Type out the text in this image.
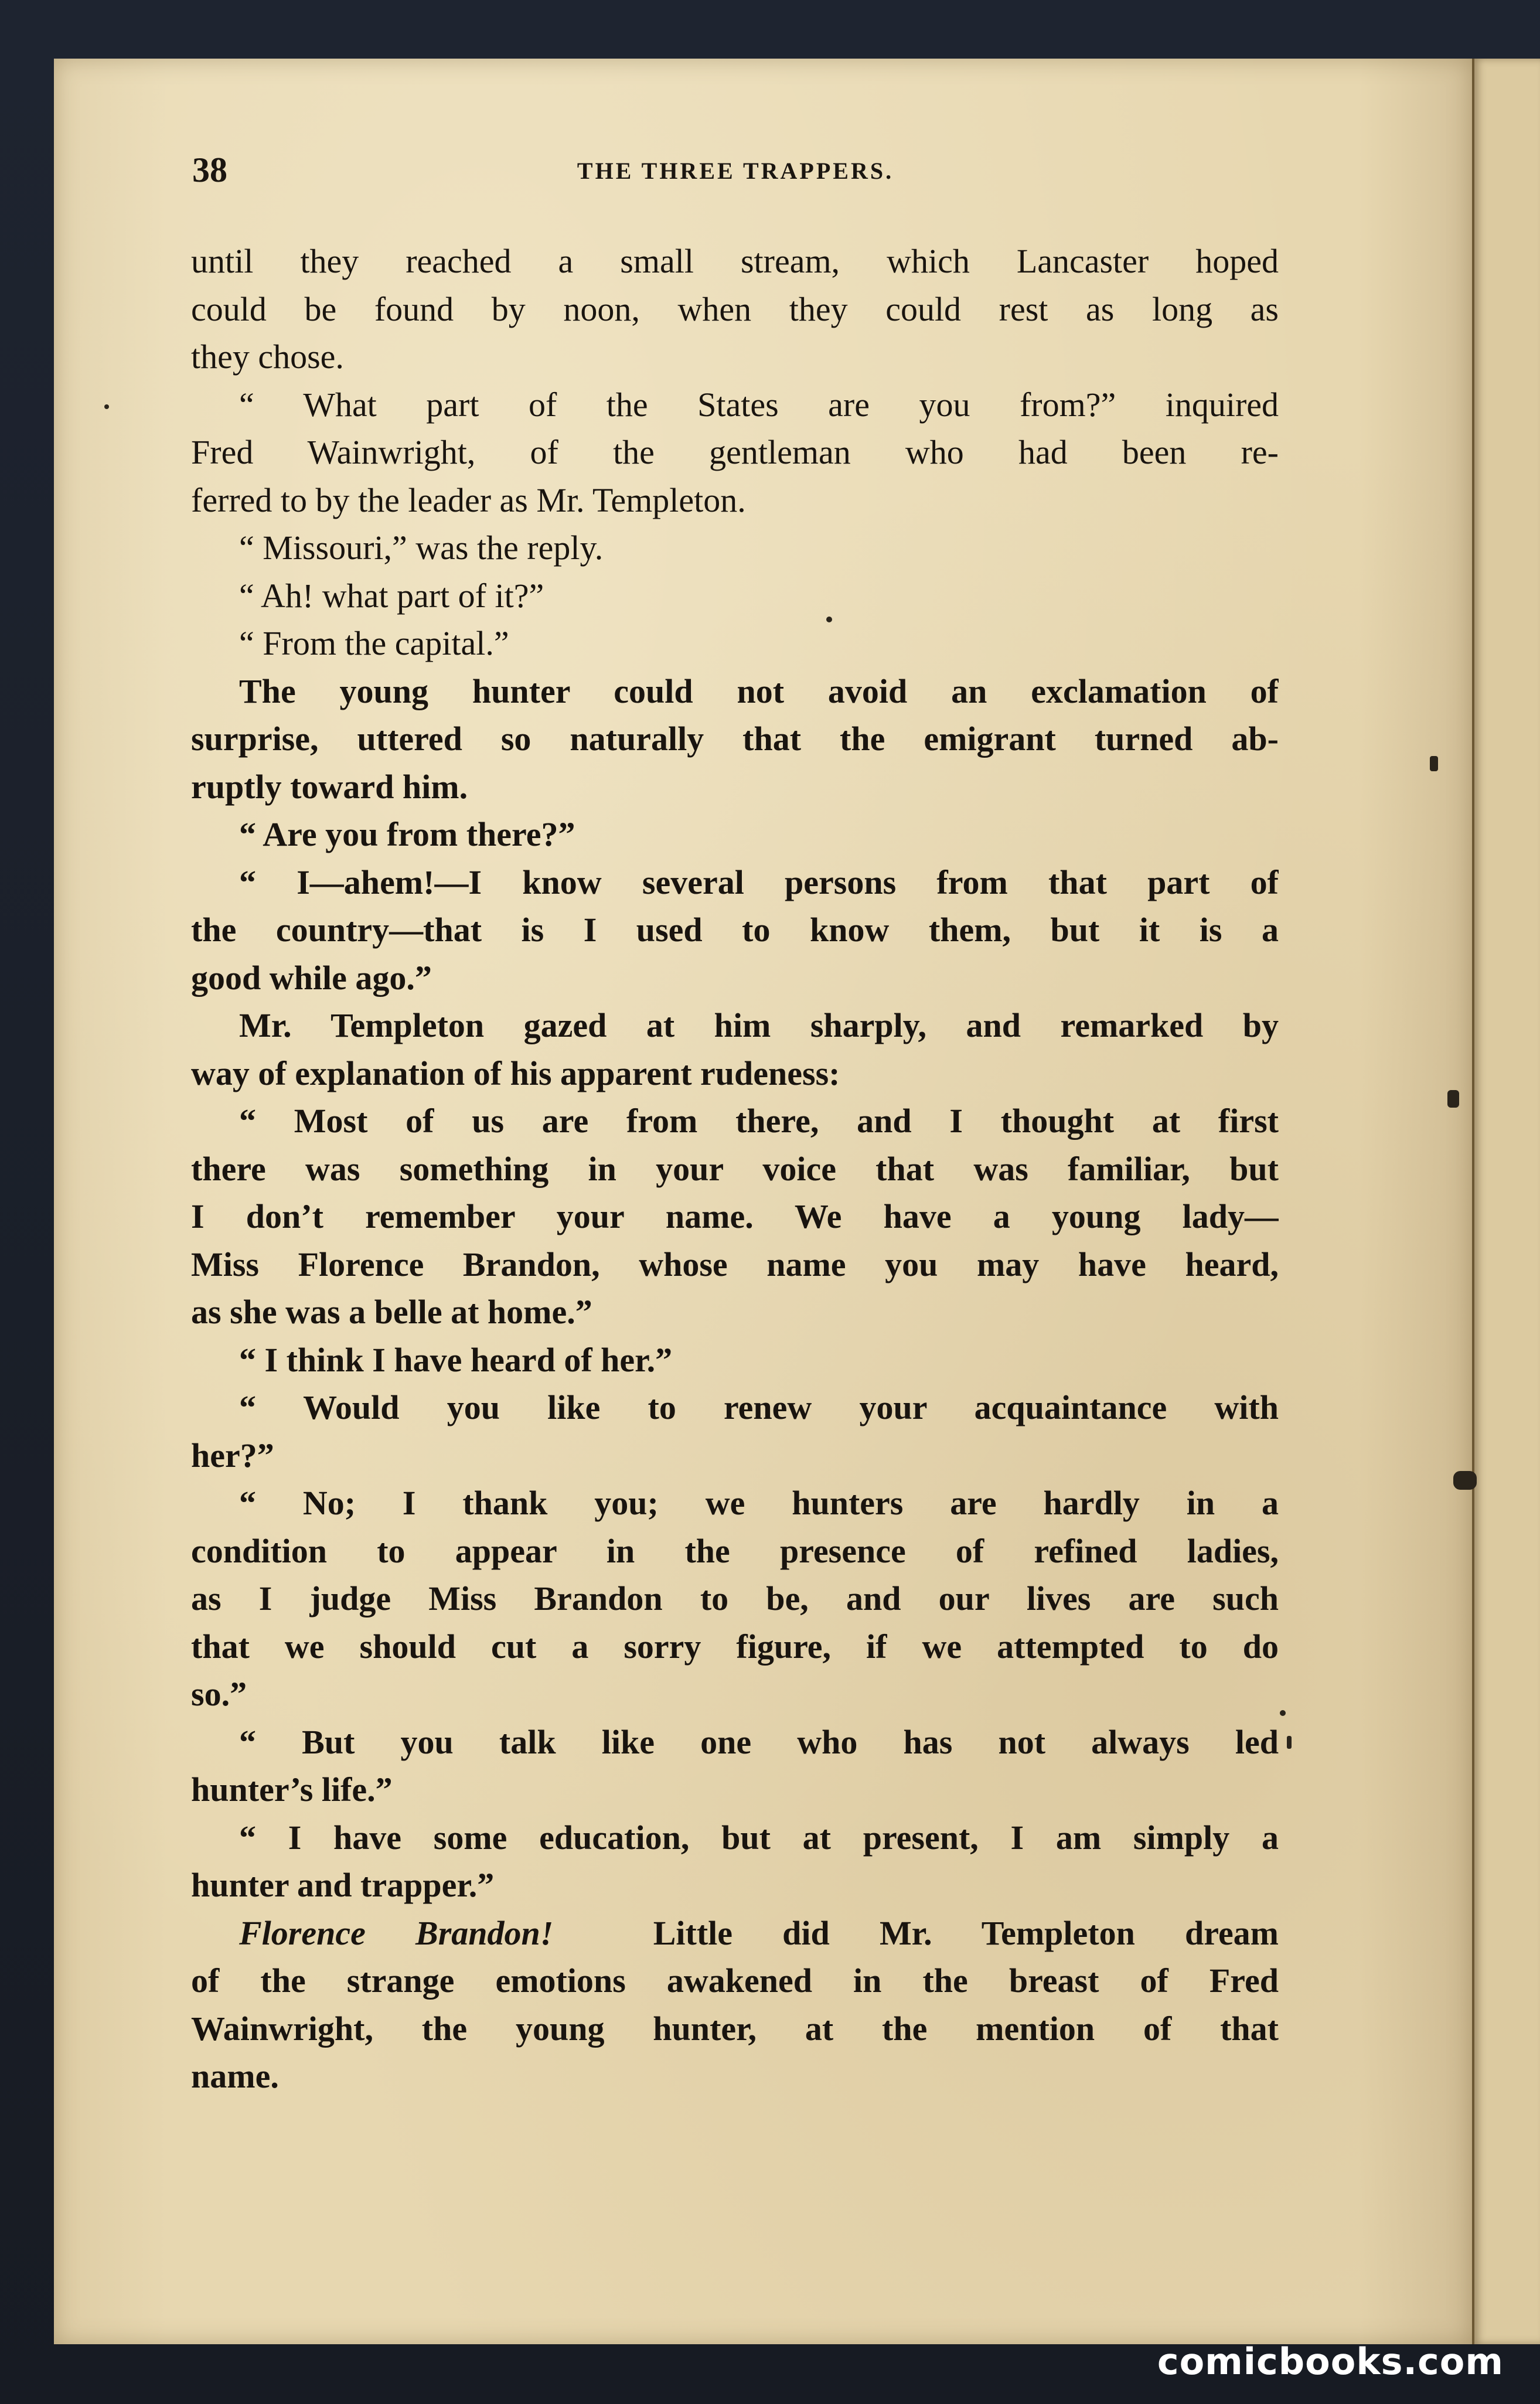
38	THE THREE TRAPPERS.
until they reached a small stream, which Lancaster hoped
could be found by noon, when they could rest as long as
they chose.
“ What part of the States are you from?” inquired
Fred Wainwright, of the gentleman who had been re-
ferred to by the leader as Mr. Templeton.
“ Missouri,” was the reply.
“ Ah! what part of it?”
“ From the capital.”
The young hunter could not avoid an exclamation of
surprise, uttered so naturally that the emigrant turned ab-
ruptly toward him.
“ Are you from there?”
“ I—ahem!—I know several persons from that part of
the country—that is I used to know them, but it is a
good while ago.”
Mr. Templeton gazed at him sharply, and remarked by
way of explanation of his apparent rudeness:
“ Most of us are from there, and I thought at first
there was something in your voice that was familiar, but
I don’t remember your name. We have a young lady—
Miss Florence Brandon, whose name you may have heard,
as she was a belle at home.”
“ I think I have heard of her.”
“ Would you like to renew your acquaintance with
her?”
“ No; I thank you; we hunters are hardly in a
condition to appear in the presence of refined ladies,
as I judge Miss Brandon to be, and our lives are such
that we should cut a sorry figure, if we attempted to do
so.”
“ But you talk like one who has not always led
hunter’s life.”
“ I have some education, but at present, I am simply a
hunter and trapper.”
Florence Brandon!	Little did Mr. Templeton dream
of the strange emotions awakened in the breast of Fred
Wainwright, the young hunter, at the mention of that
name.
comicbooks.com
